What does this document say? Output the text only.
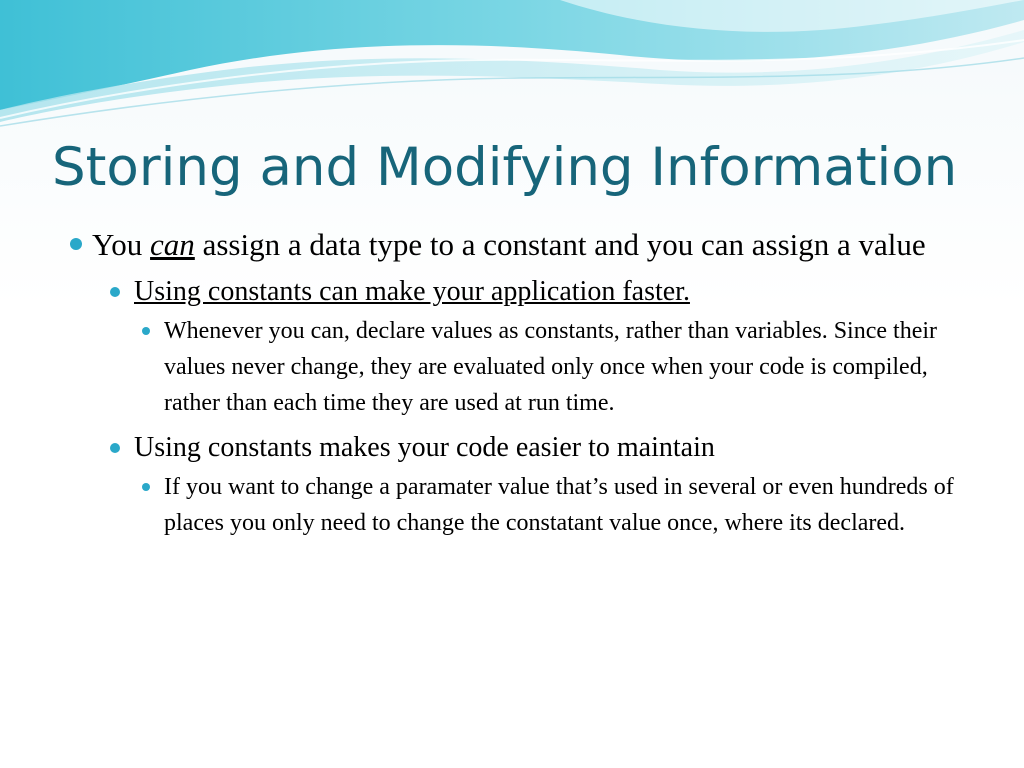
Storing and Modifying Information
You can assign a data type to a constant and you can assign a value
Using constants can make your application faster.
Whenever you can, declare values as constants, rather than variables. Since their values never change, they are evaluated only once when your code is compiled, rather than each time they are used at run time.
Using constants makes your code easier to maintain
If you want to change a paramater value that’s used in several or even hundreds of places you only need to change the constatant value once, where its declared.
